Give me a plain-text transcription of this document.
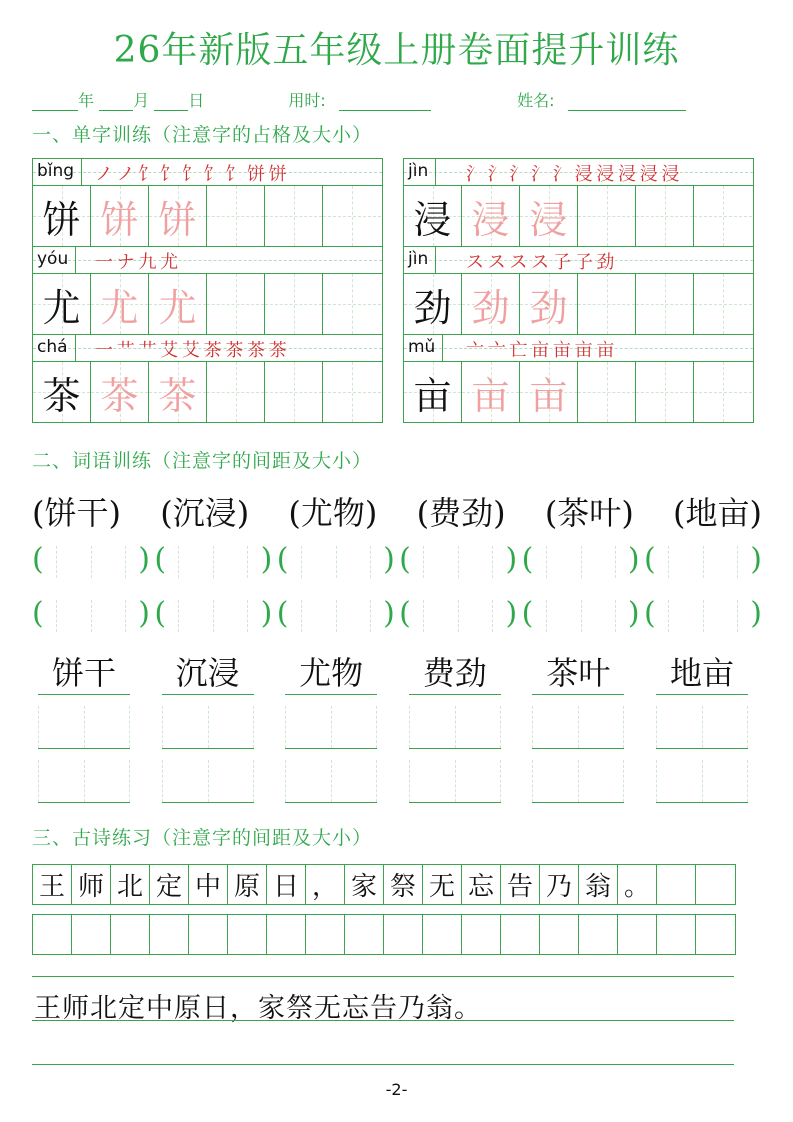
26年新版五年级上册卷面提升训练
年 月 日	用时:	姓名:
一、单字训练（注意字的占格及大小）
bǐng ノ ノ 饣 饣 饣 饣 饣 饼 饼
饼 饼 饼
yóu 一 ナ 九 尤
尤 尤 尤
chá 一 艹 艹 艾 艾 茶 茶 茶 茶
茶 茶 茶
jìn 氵 氵 氵 氵 氵 浸 浸 浸 浸 浸
浸 浸 浸
jìn ス ス ス ス 孒 孒 劲
劲 劲 劲
mǔ 亠 亠 亡 亩 亩 亩 亩
亩 亩 亩
二、词语训练（注意字的间距及大小）
(饼干) (沉浸) (尤物) (费劲) (茶叶) (地亩)
(	) (	) (	) (	) (	) (	)
(	) (	) (	) (	) (	) (	)
饼干	沉浸	尤物	费劲	茶叶	地亩
三、古诗练习（注意字的间距及大小）
王 师 北 定 中 原 日 ， 家 祭 无 忘 告 乃 翁 。
王师北定中原日，家祭无忘告乃翁。
-2-
